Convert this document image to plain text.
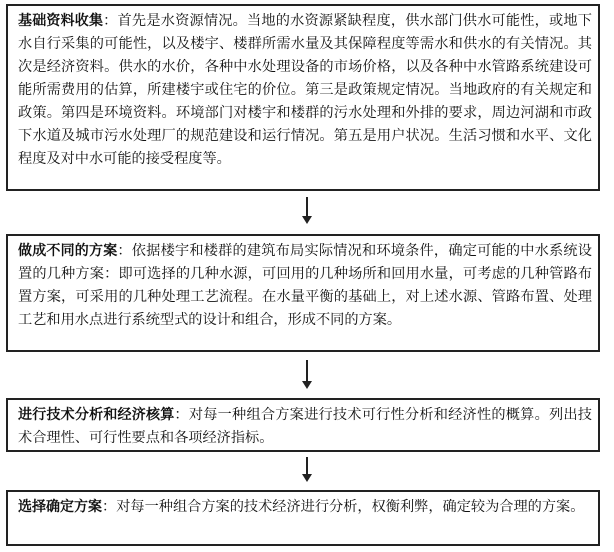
基础资料收集：首先是水资源情况。当地的水资源紧缺程度，供水部门供水可能性，或地下水自行采集的可能性，以及楼宇、楼群所需水量及其保障程度等需水和供水的有关情况。其次是经济资料。供水的水价，各种中水处理设备的市场价格，以及各种中水管路系统建设可能所需费用的估算，所建楼宇或住宅的价位。第三是政策规定情况。当地政府的有关规定和政策。第四是环境资料。环境部门对楼宇和楼群的污水处理和外排的要求，周边河湖和市政下水道及城市污水处理厂的规范建设和运行情况。第五是用户状况。生活习惯和水平、文化程度及对中水可能的接受程度等。
做成不同的方案：依据楼宇和楼群的建筑布局实际情况和环境条件，确定可能的中水系统设置的几种方案：即可选择的几种水源，可回用的几种场所和回用水量，可考虑的几种管路布置方案，可采用的几种处理工艺流程。在水量平衡的基础上，对上述水源、管路布置、处理工艺和用水点进行系统型式的设计和组合，形成不同的方案。
进行技术分析和经济核算：对每一种组合方案进行技术可行性分析和经济性的概算。列出技术合理性、可行性要点和各项经济指标。
选择确定方案：对每一种组合方案的技术经济进行分析，权衡利弊，确定较为合理的方案。
